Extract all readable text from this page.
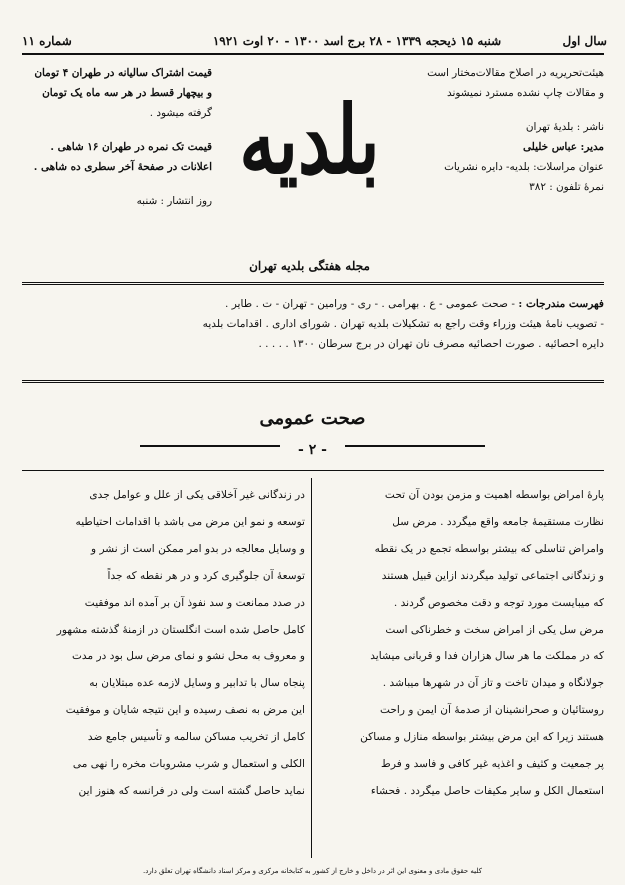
سال اول
شنبه ۱۵ ذیحجه ۱۳۳۹ - ۲۸ برج اسد ۱۳۰۰ - ۲۰ اوت ۱۹۲۱
شماره ۱۱
هیئت‌تحریریه در اصلاح مقالات‌مختار است
و مقالات چاپ نشده مسترد نمیشوند
ناشر : بلدیهٔ تهران
مدیر: عباس خلیلی
عنوان مراسلات: بلدیه- دایره نشریات
نمرهٔ تلفون : ۳۸۲
بلدیه
مجله هفتگی بلدیه تهران
قیمت اشتراک سالیانه در طهران ۴ تومان
و بیچهار قسط در هر سه ماه یک تومان
گرفته میشود .
قیمت تک نمره در طهران ۱۶ شاهی .
اعلانات در صفحهٔ آخر سطری ده شاهی .
روز انتشار : شنبه
فهرست مندرجات : - صحت عمومی - ع . بهرامی . - ری - ورامین - تهران - ت . طایر .
- تصویب نامهٔ هیئت وزراء وقت راجع به تشکیلات بلدیه تهران . شورای اداری . اقدامات بلدیه
دایره احصائیه . صورت احصائیه مصرف نان تهران در برج سرطان ۱۳۰۰ . . . . .
صحت عمومی
- ۲ -
پارهٔ امراض بواسطه اهمیت و مزمن بودن آن تحت
نظارت مستقیمهٔ جامعه واقع میگردد . مرض سل
وامراض تناسلی که بیشتر بواسطه تجمع در یک نقطه
و زندگانی اجتماعی تولید میگردند ازاین قبیل هستند
که میبایست مورد توجه و دقت مخصوص گردند .
مرض سل یکی از امراض سخت و خطرناکی است
که در مملکت ما هر سال هزاران فدا و قربانی میشاید
جولانگاه و میدان تاخت و تاز آن در شهرها میباشد .
روستائیان و صحرانشینان از صدمهٔ آن ایمن و راحت
هستند زیرا که این مرض بیشتر بواسطه منازل و مساکن
پر جمعیت و کثیف و اغذیه غیر کافی و فاسد و فرط
استعمال الکل و سایر مکیفات حاصل میگردد . فحشاء
در زندگانی غیر آخلاقی یکی از علل و عوامل جدی
توسعه و نمو این مرض می باشد با اقدامات احتیاطیه
و وسایل معالجه در بدو امر ممکن است از نشر و
توسعهٔ آن جلوگیری کرد و در هر نقطه که جداً
در صدد ممانعت و سد نفوذ آن بر آمده اند موفقیت
کامل حاصل شده است انگلستان در ازمنهٔ گذشته مشهور
و معروف به محل نشو و نمای مرض سل بود در مدت
پنجاه سال با تدابیر و وسایل لازمه عده مبتلایان به
این مرض به نصف رسیده و این نتیجه شایان و موفقیت
کامل از تخریب مساکن سالمه و تأسیس جامع ضد
الکلی و استعمال و شرب مشروبات مخره را نهی می
نماید حاصل گشته است ولی در فرانسه که هنوز این
کلیه حقوق مادی و معنوی این اثر در داخل و خارج از کشور به کتابخانه مرکزی و مرکز اسناد دانشگاه تهران تعلق دارد.
